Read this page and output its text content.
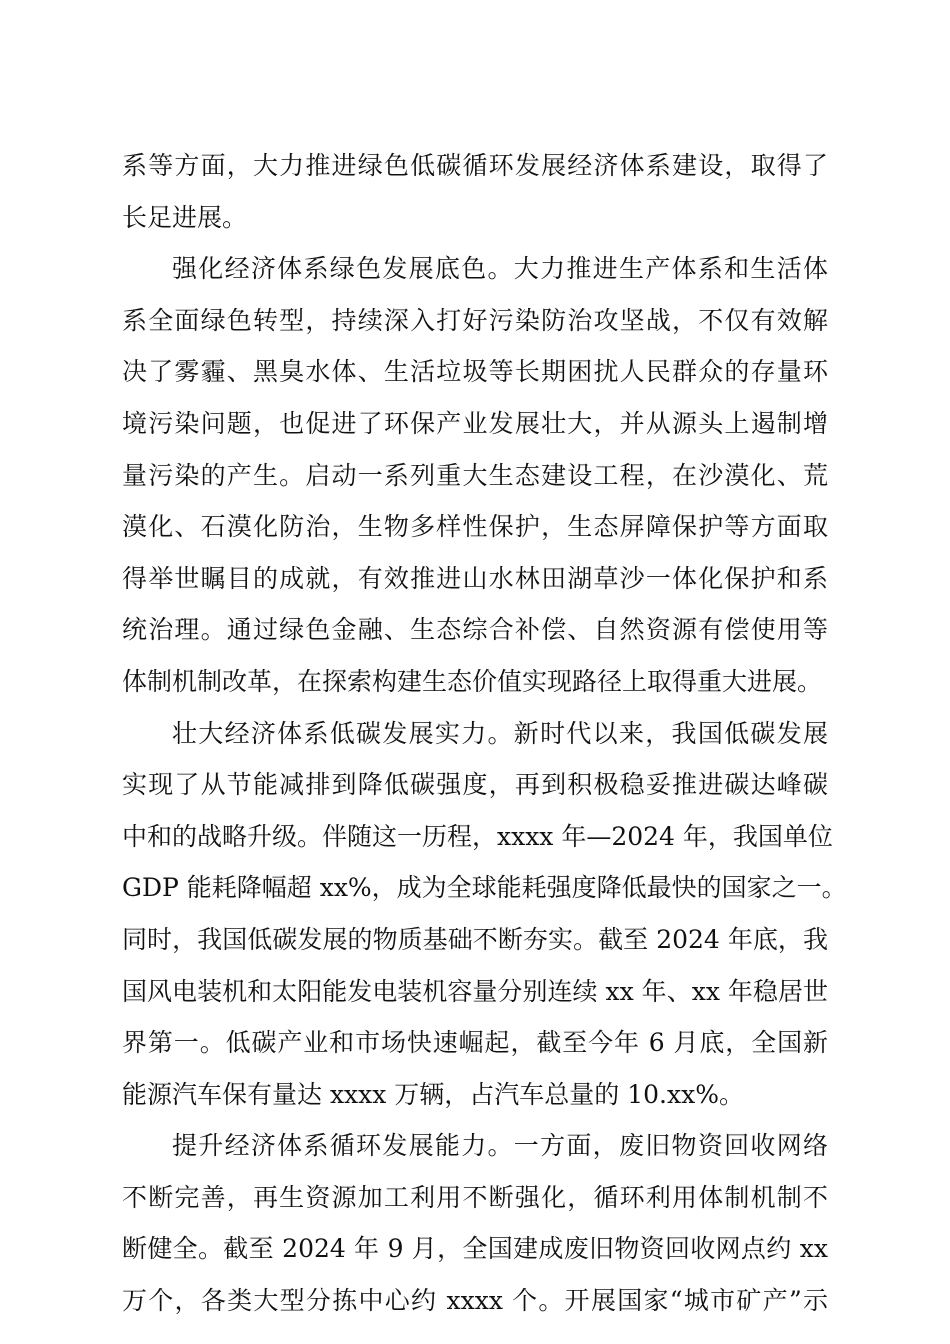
系等方面，大力推进绿色低碳循环发展经济体系建设，取得了
长足进展。
强化经济体系绿色发展底色。大力推进生产体系和生活体
系全面绿色转型，持续深入打好污染防治攻坚战，不仅有效解
决了雾霾、黑臭水体、生活垃圾等长期困扰人民群众的存量环
境污染问题，也促进了环保产业发展壮大，并从源头上遏制增
量污染的产生。启动一系列重大生态建设工程，在沙漠化、荒
漠化、石漠化防治，生物多样性保护，生态屏障保护等方面取
得举世瞩目的成就，有效推进山水林田湖草沙一体化保护和系
统治理。通过绿色金融、生态综合补偿、自然资源有偿使用等
体制机制改革，在探索构建生态价值实现路径上取得重大进展。
壮大经济体系低碳发展实力。新时代以来，我国低碳发展
实现了从节能减排到降低碳强度，再到积极稳妥推进碳达峰碳
中和的战略升级。伴随这一历程，xxxx 年—2024 年，我国单位
GDP 能耗降幅超 xx%，成为全球能耗强度降低最快的国家之一。
同时，我国低碳发展的物质基础不断夯实。截至 2024 年底，我
国风电装机和太阳能发电装机容量分别连续 xx 年、xx 年稳居世
界第一。低碳产业和市场快速崛起，截至今年 6 月底，全国新
能源汽车保有量达 xxxx 万辆，占汽车总量的 10.xx%。
提升经济体系循环发展能力。一方面，废旧物资回收网络
不断完善，再生资源加工利用不断强化，循环利用体制机制不
断健全。截至 2024 年 9 月，全国建成废旧物资回收网点约 xx
万个，各类大型分拣中心约 xxxx 个。开展国家“城市矿产”示
